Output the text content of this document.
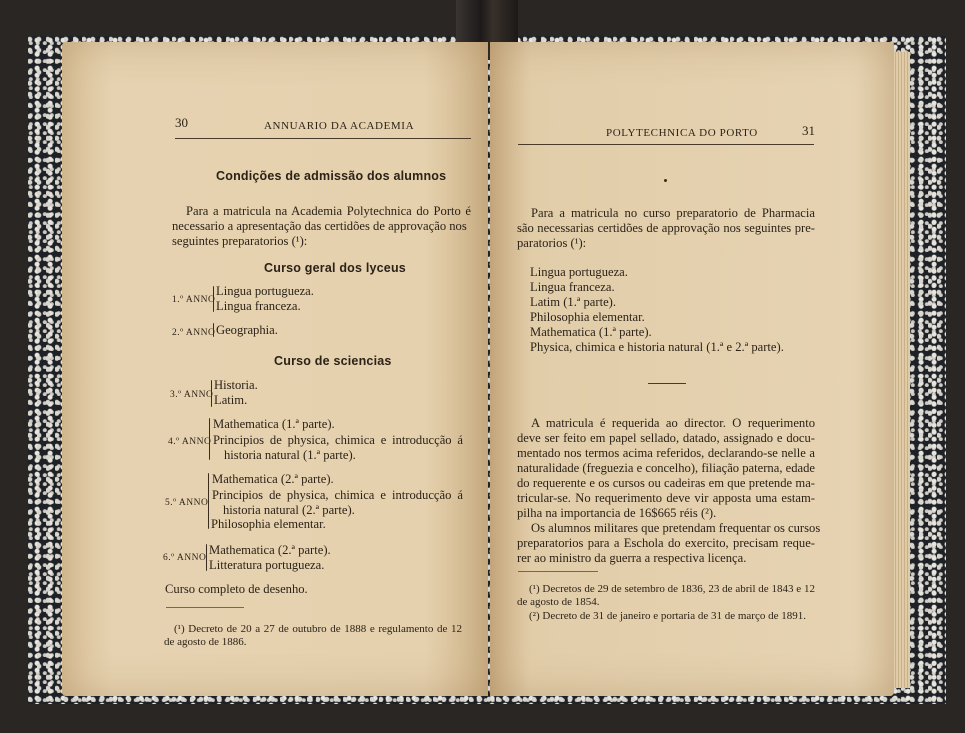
30	ANNUARIO DA ACADEMIA
Condições de admissão dos alumnos
Para a matricula na Academia Polytechnica do Porto é
necessario a apresentação das certidões de approvação nos
seguintes preparatorios (¹):
Curso geral dos lyceus
1.º ANNO
Lingua portugueza.
Lingua franceza.
2.º ANNO Geographia.
Curso de sciencias
3.º ANNO
Historia.
Latim.
4.º ANNO
Mathematica (1.ª parte).
Principios de physica, chimica e introducção á
historia natural (1.ª parte).
5.º ANNO
Mathematica (2.ª parte).
Principios de physica, chimica e introducção á
historia natural (2.ª parte).
Philosophia elementar.
6.º ANNO
Mathematica (2.ª parte).
Litteratura portugueza.
Curso completo de desenho.
(¹) Decreto de 20 a 27 de outubro de 1888 e regulamento de 12
de agosto de 1886.
POLYTECHNICA DO PORTO	31
Para a matricula no curso preparatorio de Pharmacia
são necessarias certidões de approvação nos seguintes pre-
paratorios (¹):
Lingua portugueza.
Lingua franceza.
Latim (1.ª parte).
Philosophia elementar.
Mathematica (1.ª parte).
Physica, chimica e historia natural (1.ª e 2.ª parte).
A matricula é requerida ao director. O requerimento
deve ser feito em papel sellado, datado, assignado e docu-
mentado nos termos acima referidos, declarando-se nelle a
naturalidade (freguezia e concelho), filiação paterna, edade
do requerente e os cursos ou cadeiras em que pretende ma-
tricular-se. No requerimento deve vir apposta uma estam-
pilha na importancia de 16$665 réis (²).
Os alumnos militares que pretendam frequentar os cursos
preparatorios para a Eschola do exercito, precisam reque-
rer ao ministro da guerra a respectiva licença.
(¹) Decretos de 29 de setembro de 1836, 23 de abril de 1843 e 12
de agosto de 1854.
(²) Decreto de 31 de janeiro e portaria de 31 de março de 1891.
